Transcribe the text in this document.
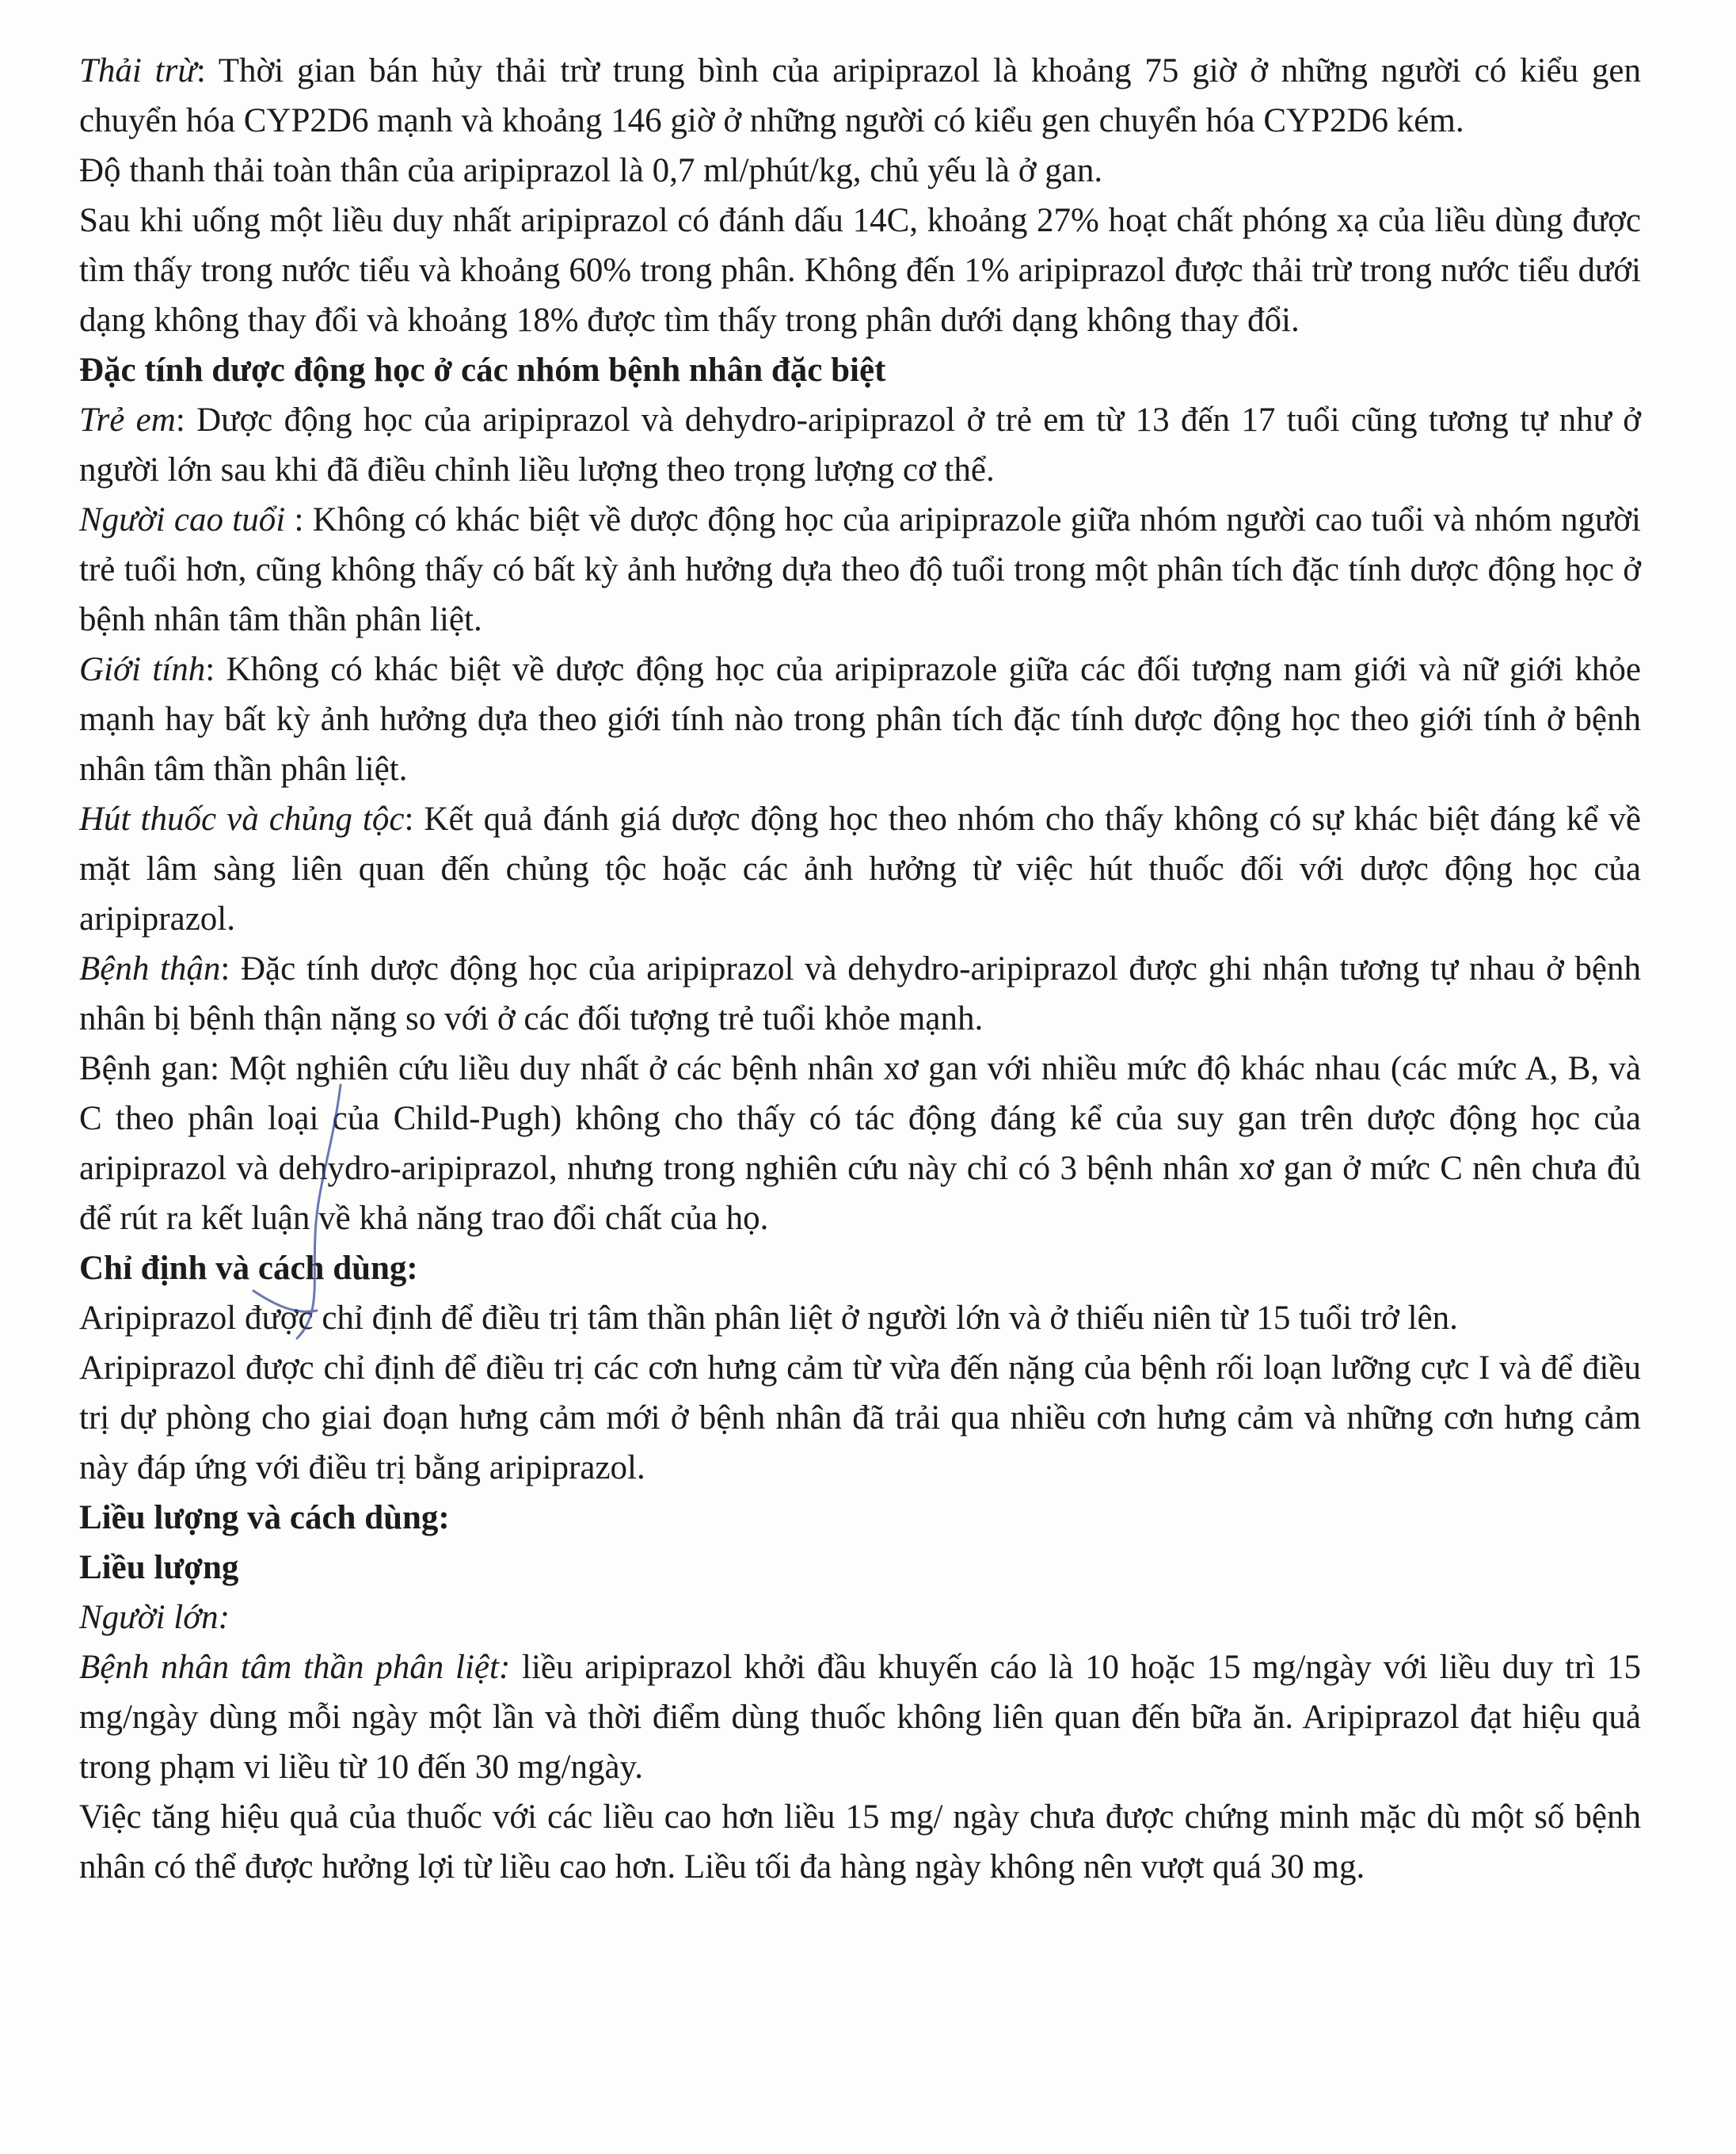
Thải trừ: Thời gian bán hủy thải trừ trung bình của aripiprazol là khoảng 75 giờ ở những người có kiểu gen chuyển hóa CYP2D6 mạnh và khoảng 146 giờ ở những người có kiểu gen chuyển hóa CYP2D6 kém.

Độ thanh thải toàn thân của aripiprazol là 0,7 ml/phút/kg, chủ yếu là ở gan.

Sau khi uống một liều duy nhất aripiprazol có đánh dấu 14C, khoảng 27% hoạt chất phóng xạ của liều dùng được tìm thấy trong nước tiểu và khoảng 60% trong phân. Không đến 1% aripiprazol được thải trừ trong nước tiểu dưới dạng không thay đổi và khoảng 18% được tìm thấy trong phân dưới dạng không thay đổi.

Đặc tính dược động học ở các nhóm bệnh nhân đặc biệt

Trẻ em: Dược động học của aripiprazol và dehydro-aripiprazol ở trẻ em từ 13 đến 17 tuổi cũng tương tự như ở người lớn sau khi đã điều chỉnh liều lượng theo trọng lượng cơ thể.

Người cao tuổi : Không có khác biệt về dược động học của aripiprazole giữa nhóm người cao tuổi và nhóm người trẻ tuổi hơn, cũng không thấy có bất kỳ ảnh hưởng dựa theo độ tuổi trong một phân tích đặc tính dược động học ở bệnh nhân tâm thần phân liệt.

Giới tính: Không có khác biệt về dược động học của aripiprazole giữa các đối tượng nam giới và nữ giới khỏe mạnh hay bất kỳ ảnh hưởng dựa theo giới tính nào trong phân tích đặc tính dược động học theo giới tính ở bệnh nhân tâm thần phân liệt.

Hút thuốc và chủng tộc: Kết quả đánh giá dược động học theo nhóm cho thấy không có sự khác biệt đáng kể về mặt lâm sàng liên quan đến chủng tộc hoặc các ảnh hưởng từ việc hút thuốc đối với dược động học của aripiprazol.

Bệnh thận: Đặc tính dược động học của aripiprazol và dehydro-aripiprazol được ghi nhận tương tự nhau ở bệnh nhân bị bệnh thận nặng so với ở các đối tượng trẻ tuổi khỏe mạnh.

Bệnh gan: Một nghiên cứu liều duy nhất ở các bệnh nhân xơ gan với nhiều mức độ khác nhau (các mức A, B, và C theo phân loại của Child-Pugh) không cho thấy có tác động đáng kể của suy gan trên dược động học của aripiprazol và dehydro-aripiprazol, nhưng trong nghiên cứu này chỉ có 3 bệnh nhân xơ gan ở mức C nên chưa đủ để rút ra kết luận về khả năng trao đổi chất của họ.

Chỉ định và cách dùng:

Aripiprazol được chỉ định để điều trị tâm thần phân liệt ở người lớn và ở thiếu niên từ 15 tuổi trở lên.

Aripiprazol được chỉ định để điều trị các cơn hưng cảm từ vừa đến nặng của bệnh rối loạn lưỡng cực I và để điều trị dự phòng cho giai đoạn hưng cảm mới ở bệnh nhân đã trải qua nhiều cơn hưng cảm và những cơn hưng cảm này đáp ứng với điều trị bằng aripiprazol.

Liều lượng và cách dùng:

Liều lượng

Người lớn:

Bệnh nhân tâm thần phân liệt: liều aripiprazol khởi đầu khuyến cáo là 10 hoặc 15 mg/ngày với liều duy trì 15 mg/ngày dùng mỗi ngày một lần và thời điểm dùng thuốc không liên quan đến bữa ăn. Aripiprazol đạt hiệu quả trong phạm vi liều từ 10 đến 30 mg/ngày.

Việc tăng hiệu quả của thuốc với các liều cao hơn liều 15 mg/ ngày chưa được chứng minh mặc dù một số bệnh nhân có thể được hưởng lợi từ liều cao hơn. Liều tối đa hàng ngày không nên vượt quá 30 mg.
